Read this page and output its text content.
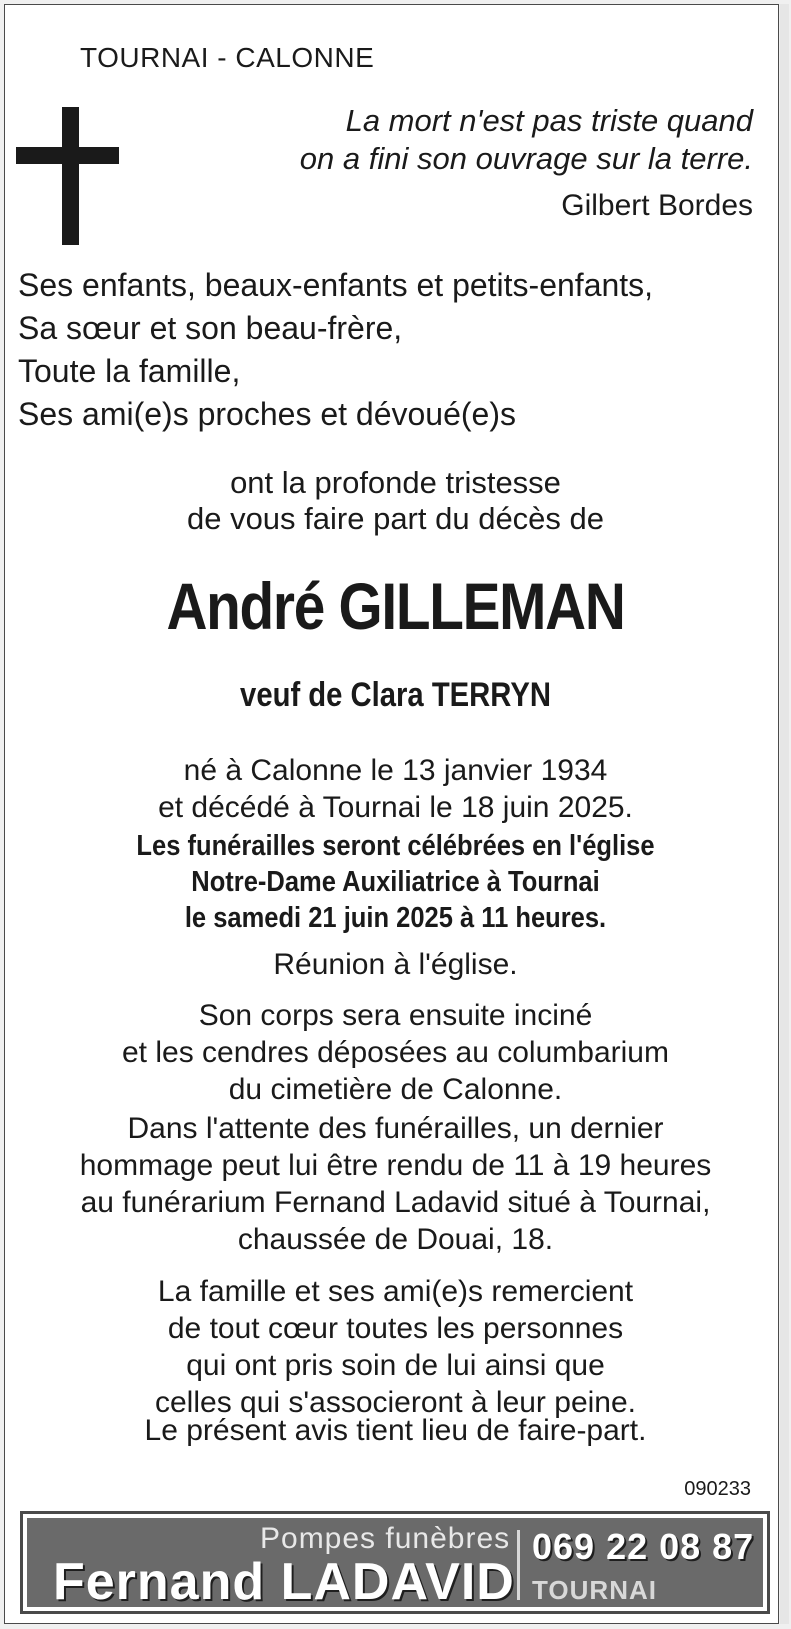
TOURNAI - CALONNE
La mort n'est pas triste quand
on a fini son ouvrage sur la terre.
Gilbert Bordes
Ses enfants, beaux-enfants et petits-enfants,
Sa sœur et son beau-frère,
Toute la famille,
Ses ami(e)s proches et dévoué(e)s
ont la profonde tristesse
de vous faire part du décès de
André GILLEMAN
veuf de Clara TERRYN
né à Calonne le 13 janvier 1934
et décédé à Tournai le 18 juin 2025.
Les funérailles seront célébrées en l'église
Notre-Dame Auxiliatrice à Tournai
le samedi 21 juin 2025 à 11 heures.
Réunion à l'église.
Son corps sera ensuite inciné
et les cendres déposées au columbarium
du cimetière de Calonne.
Dans l'attente des funérailles, un dernier
hommage peut lui être rendu de 11 à 19 heures
au funérarium Fernand Ladavid situé à Tournai,
chaussée de Douai, 18.
La famille et ses ami(e)s remercient
de tout cœur toutes les personnes
qui ont pris soin de lui ainsi que
celles qui s'associeront à leur peine.
Le présent avis tient lieu de faire-part.
090233
Pompes funèbres
Fernand LADAVID
069 22 08 87
TOURNAI
